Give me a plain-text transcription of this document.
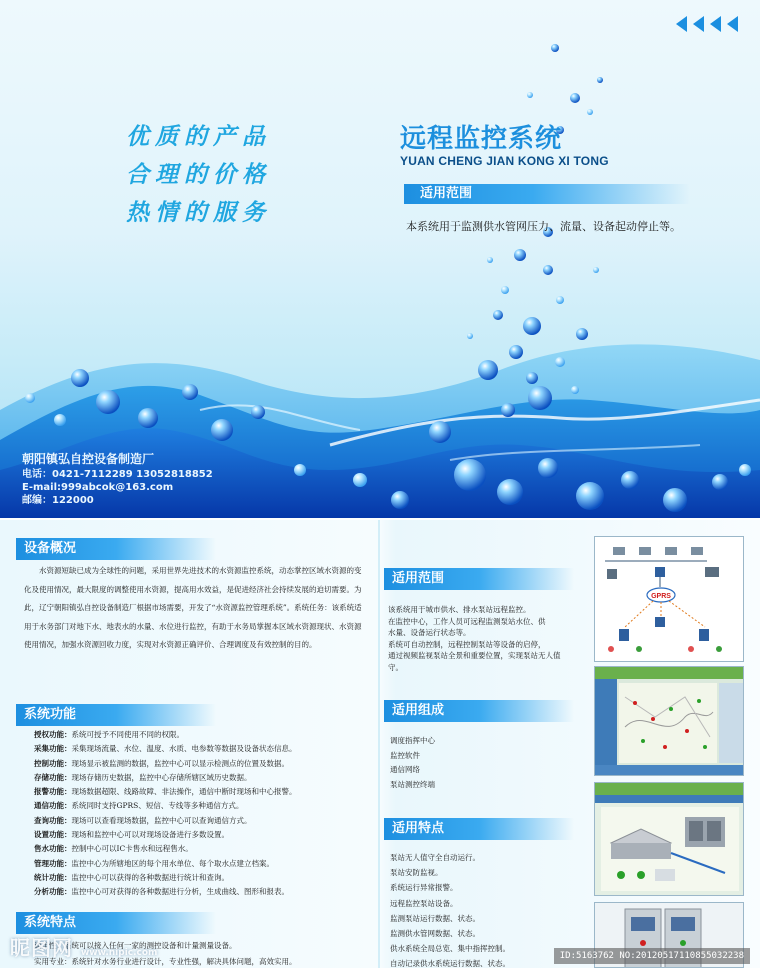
优质的产品
合理的价格
热情的服务
远程监控系统
YUAN CHENG JIAN KONG XI TONG
适用范围
本系统用于监测供水管网压力、流量、设备起动停止等。
朝阳镇弘自控设备制造厂
电话：0421-7112289 13052818852
E-mail:999abcok@163.com
邮编：122000
设备概况
水资源短缺已成为全球性的问题，采用世界先进技术的水资源监控系统，动态掌控区域水资源的变化及使用情况，最大限度的调整使用水资源，提高用水效益，是促进经济社会持续发展的迫切需要。为此，辽宁朝阳镇弘自控设备制造厂根据市场需要，开发了“水资源监控管理系统”。系统任务：该系统适用于水务部门对地下水、地表水的水量、水位进行监控，有助于水务局掌握本区域水资源现状、水资源使用情况，加强水资源回收力度，实现对水资源正确评价、合理调度及有效控制的目的。
系统功能
授权功能：系统可授予不同使用不同的权限。
采集功能：采集现场流量、水位、温度、水质、电参数等数据及设备状态信息。
控制功能：现场显示被监测的数据，监控中心可以显示检测点的位置及数据。
存储功能：现场存储历史数据，监控中心存储所辖区域历史数据。
报警功能：现场数据超限、线路故障、非法操作，通信中断时现场和中心报警。
通信功能：系统同时支持GPRS、短信、专线等多种通信方式。
查询功能：现场可以查看现场数据，监控中心可以查询通信方式。
设置功能：现场和监控中心可以对现场设备进行多数设置。
售水功能：控制中心可以IC卡售水和远程售水。
管理功能：监控中心为所辖地区的每个用水单位、每个取水点建立档案。
统计功能：监控中心可以获得的各种数据进行统计和查询。
分析功能：监控中心可对获得的各种数据进行分析，生成曲线、图形和报表。
系统特点
通用性：系统可以接入任何一家的测控设备和计量测量设备。
实用专业：系统针对水务行业进行设计，专业性强，解决具体问题，高效实用。
适用范围
该系统用于城市供水、排水泵站远程监控。
在监控中心，工作人员可远程监测泵站水位、供
水量、设备运行状态等。
系统可自动控制，远程控制泵站等设备的启停，
通过视频监视泵站全景和重要位置，实现泵站无人值
守。
适用组成
调度指挥中心
监控软件
通信网络
泵站测控终端
适用特点
泵站无人值守全自动运行。
泵站安防监视。
系统运行异常报警。
远程监控泵站设备。
监测泵站运行数据、状态。
监测供水管网数据、状态。
供水系统全局总览、集中指挥控制。
自动记录供水系统运行数据、状态。
GPRS
昵图网 www.nipic.com	ID:5163762 NO:20120517110855032238
